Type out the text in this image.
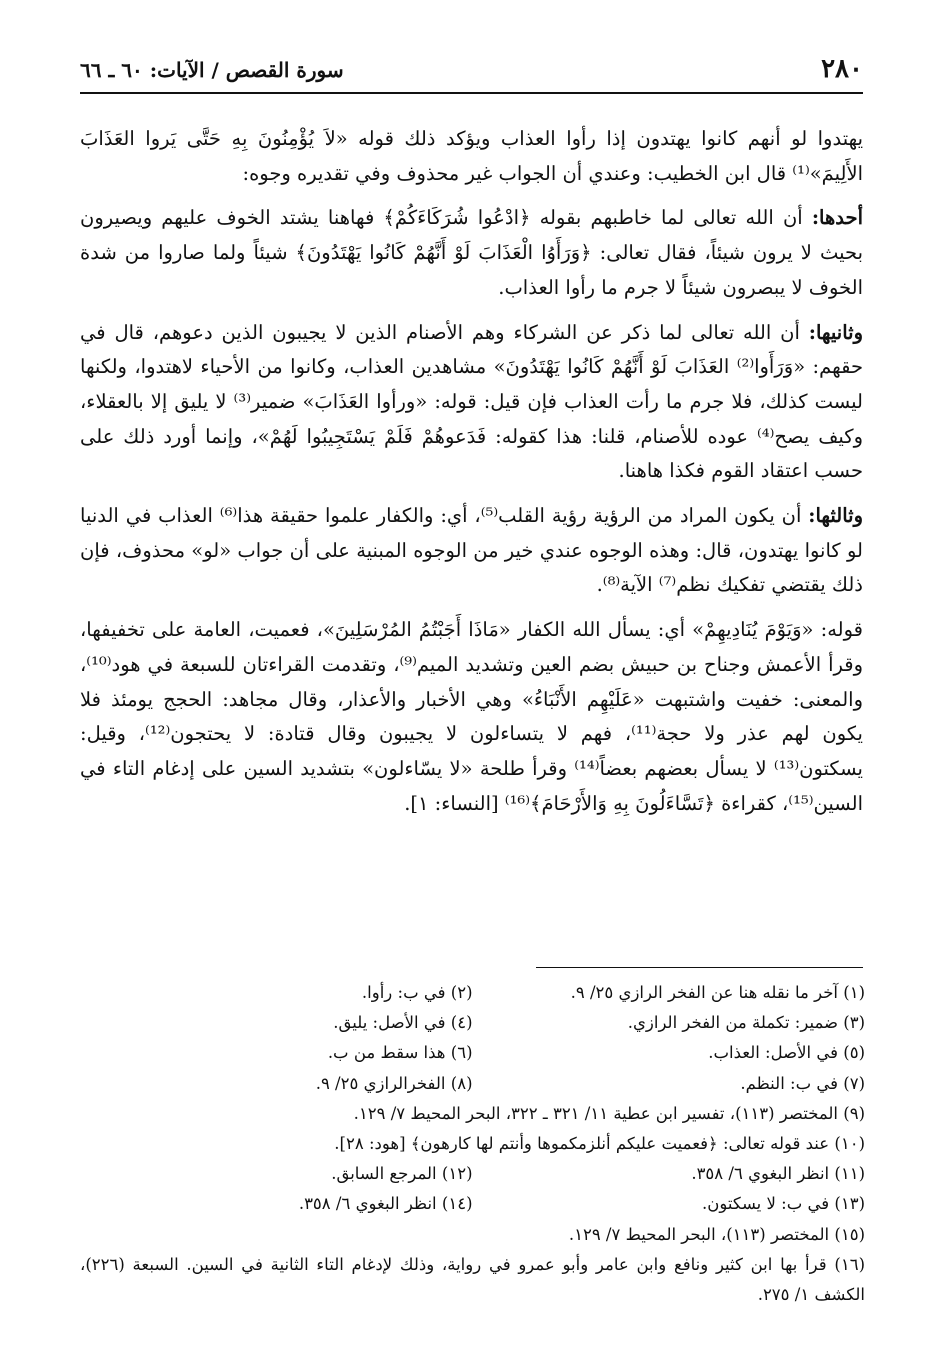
٢٨٠
سورة القصص / الآيات: ٦٠ ـ ٦٦

يهتدوا لو أنهم كانوا يهتدون إذا رأوا العذاب ويؤكد ذلك قوله «لاَ يُؤْمِنُونَ بِهِ حَتَّى يَروا العَذَابَ الأَلِيمَ»⁽¹⁾ قال ابن الخطيب: وعندي أن الجواب غير محذوف وفي تقديره وجوه:

أحدها: أن الله تعالى لما خاطبهم بقوله ﴿ادْعُوا شُرَكَاءَكُمْ﴾ فهاهنا يشتد الخوف عليهم ويصيرون بحيث لا يرون شيئاً، فقال تعالى: ﴿وَرَأَوُا الْعَذَابَ لَوْ أَنَّهُمْ كَانُوا يَهْتَدُونَ﴾ شيئاً ولما صاروا من شدة الخوف لا يبصرون شيئاً لا جرم ما رأوا العذاب.

وثانيها: أن الله تعالى لما ذكر عن الشركاء وهم الأصنام الذين لا يجيبون الذين دعوهم، قال في حقهم: «وَرَأَوا⁽²⁾ العَذَابَ لَوْ أَنَّهُمْ كَانُوا يَهْتَدُونَ» مشاهدين العذاب، وكانوا من الأحياء لاهتدوا، ولكنها ليست كذلك، فلا جرم ما رأت العذاب فإن قيل: قوله: «ورأوا العَذَابَ» ضمير⁽³⁾ لا يليق إلا بالعقلاء، وكيف يصح⁽⁴⁾ عوده للأصنام، قلنا: هذا كقوله: فَدَعوهُمْ فَلَمْ يَسْتَجِيبُوا لَهُمْ»، وإنما أورد ذلك على حسب اعتقاد القوم فكذا هاهنا.

وثالثها: أن يكون المراد من الرؤية رؤية القلب⁽⁵⁾، أي: والكفار علموا حقيقة هذا⁽⁶⁾ العذاب في الدنيا لو كانوا يهتدون، قال: وهذه الوجوه عندي خير من الوجوه المبنية على أن جواب «لو» محذوف، فإن ذلك يقتضي تفكيك نظم⁽⁷⁾ الآية⁽⁸⁾.

قوله: «وَيَوْمَ يُنَادِيهِمْ» أي: يسأل الله الكفار «مَاذَا أَجَبْتُمُ المُرْسَلِينَ»، فعميت، العامة على تخفيفها، وقرأ الأعمش وجناح بن حبيش بضم العين وتشديد الميم⁽⁹⁾، وتقدمت القراءتان للسبعة في هود⁽¹⁰⁾، والمعنى: خفيت واشتبهت «عَلَيْهِم الأَنْبَاءُ» وهي الأخبار والأعذار، وقال مجاهد: الحجج يومئذ فلا يكون لهم عذر ولا حجة⁽¹¹⁾، فهم لا يتساءلون لا يجيبون وقال قتادة: لا يحتجون⁽¹²⁾، وقيل: يسكتون⁽¹³⁾ لا يسأل بعضهم بعضاً⁽¹⁴⁾ وقرأ طلحة «لا يسّاءلون» بتشديد السين على إدغام التاء في السين⁽¹⁵⁾، كقراءة ﴿تَسَّاءَلُونَ بِهِ وَالأَرْحَامَ﴾⁽¹⁶⁾ [النساء: ١].

(١) آخر ما نقله هنا عن الفخر الرازي ٢٥/ ٩.
(٢) في ب: رأوا.
(٣) ضمير: تكملة من الفخر الرازي.
(٤) في الأصل: يليق.
(٥) في الأصل: العذاب.
(٦) هذا سقط من ب.
(٧) في ب: النظم.
(٨) الفخرالرازي ٢٥/ ٩.
(٩) المختصر (١١٣)، تفسير ابن عطية ١١/ ٣٢١ ـ ٣٢٢، البحر المحيط ٧/ ١٢٩.
(١٠) عند قوله تعالى: ﴿فعميت عليكم أنلزمكموها وأنتم لها كارهون﴾ [هود: ٢٨].
(١١) انظر البغوي ٦/ ٣٥٨.
(١٢) المرجع السابق.
(١٣) في ب: لا يسكتون.
(١٤) انظر البغوي ٦/ ٣٥٨.
(١٥) المختصر (١١٣)، البحر المحيط ٧/ ١٢٩.
(١٦) قرأ بها ابن كثير ونافع وابن عامر وأبو عمرو في رواية، وذلك لإدغام التاء الثانية في السين. السبعة (٢٢٦)، الكشف ١/ ٢٧٥.
